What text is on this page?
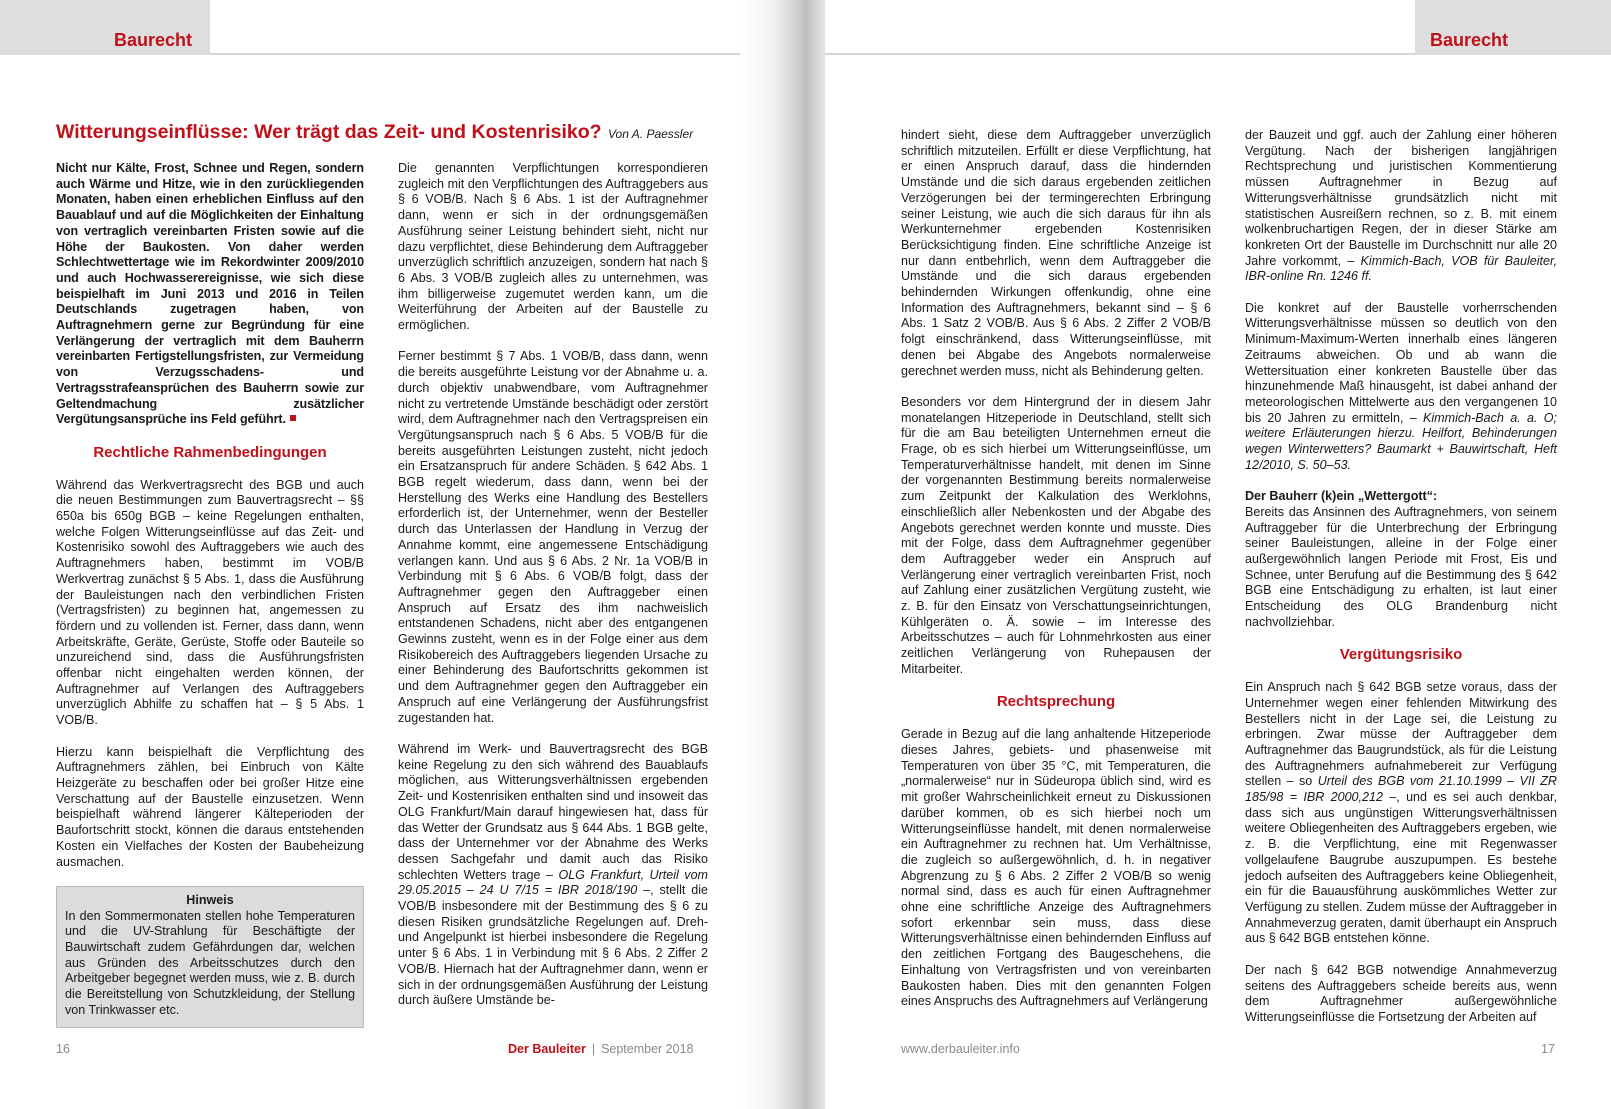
Baurecht
Witterungseinflüsse: Wer trägt das Zeit- und Kostenrisiko? Von A. Paessler

Nicht nur Kälte, Frost, Schnee und Regen, sondern auch Wärme und Hitze, wie in den zurückliegenden Monaten, haben einen erheblichen Einfluss auf den Bauablauf und auf die Möglichkeiten der Einhaltung von vertraglich vereinbarten Fristen sowie auf die Höhe der Baukosten. Von daher werden Schlechtwettertage wie im Rekordwinter 2009/2010 und auch Hochwasserereignisse, wie sich diese beispielhaft im Juni 2013 und 2016 in Teilen Deutschlands zugetragen haben, von Auftragnehmern gerne zur Begründung für eine Verlängerung der vertraglich mit dem Bauherrn vereinbarten Fertigstellungsfristen, zur Vermeidung von Verzugsschadens- und Vertragsstrafeansprüchen des Bauherrn sowie zur Geltendmachung zusätzlicher Vergütungsansprüche ins Feld geführt.

Rechtliche Rahmenbedingungen

Während das Werkvertragsrecht des BGB und auch die neuen Bestimmungen zum Bauvertragsrecht – §§ 650a bis 650g BGB – keine Regelungen enthalten, welche Folgen Witterungseinflüsse auf das Zeit- und Kostenrisiko sowohl des Auftraggebers wie auch des Auftragnehmers haben, bestimmt im VOB/B Werkvertrag zunächst § 5 Abs. 1, dass die Ausführung der Bauleistungen nach den verbindlichen Fristen (Vertragsfristen) zu beginnen hat, angemessen zu fördern und zu vollenden ist. Ferner, dass dann, wenn Arbeitskräfte, Geräte, Gerüste, Stoffe oder Bauteile so unzureichend sind, dass die Ausführungsfristen offenbar nicht eingehalten werden können, der Auftragnehmer auf Verlangen des Auftraggebers unverzüglich Abhilfe zu schaffen hat – § 5 Abs. 1 VOB/B.

Hierzu kann beispielhaft die Verpflichtung des Auftragnehmers zählen, bei Einbruch von Kälte Heizgeräte zu beschaffen oder bei großer Hitze eine Verschattung auf der Baustelle einzusetzen. Wenn beispielhaft während längerer Kälteperioden der Baufortschritt stockt, können die daraus entstehenden Kosten ein Vielfaches der Kosten der Baubeheizung ausmachen.

Hinweis
In den Sommermonaten stellen hohe Temperaturen und die UV-Strahlung für Beschäftigte der Bauwirtschaft zudem Gefährdungen dar, welchen aus Gründen des Arbeitsschutzes durch den Arbeitgeber begegnet werden muss, wie z. B. durch die Bereitstellung von Schutzkleidung, der Stellung von Trinkwasser etc.

Die genannten Verpflichtungen korrespondieren zugleich mit den Verpflichtungen des Auftraggebers aus § 6 VOB/B. Nach § 6 Abs. 1 ist der Auftragnehmer dann, wenn er sich in der ordnungsgemäßen Ausführung seiner Leistung behindert sieht, nicht nur dazu verpflichtet, diese Behinderung dem Auftraggeber unverzüglich schriftlich anzuzeigen, sondern hat nach § 6 Abs. 3 VOB/B zugleich alles zu unternehmen, was ihm billigerweise zugemutet werden kann, um die Weiterführung der Arbeiten auf der Baustelle zu ermöglichen.

Ferner bestimmt § 7 Abs. 1 VOB/B, dass dann, wenn die bereits ausgeführte Leistung vor der Abnahme u. a. durch objektiv unabwendbare, vom Auftragnehmer nicht zu vertretende Umstände beschädigt oder zerstört wird, dem Auftragnehmer nach den Vertragspreisen ein Vergütungsanspruch nach § 6 Abs. 5 VOB/B für die bereits ausgeführten Leistungen zusteht, nicht jedoch ein Ersatzanspruch für andere Schäden. § 642 Abs. 1 BGB regelt wiederum, dass dann, wenn bei der Herstellung des Werks eine Handlung des Bestellers erforderlich ist, der Unternehmer, wenn der Besteller durch das Unterlassen der Handlung in Verzug der Annahme kommt, eine angemessene Entschädigung verlangen kann. Und aus § 6 Abs. 2 Nr. 1a VOB/B in Verbindung mit § 6 Abs. 6 VOB/B folgt, dass der Auftragnehmer gegen den Auftraggeber einen Anspruch auf Ersatz des ihm nachweislich entstandenen Schadens, nicht aber des entgangenen Gewinns zusteht, wenn es in der Folge einer aus dem Risikobereich des Auftraggebers liegenden Ursache zu einer Behinderung des Baufortschritts gekommen ist und dem Auftragnehmer gegen den Auftraggeber ein Anspruch auf eine Verlängerung der Ausführungsfrist zugestanden hat.

Während im Werk- und Bauvertragsrecht des BGB keine Regelung zu den sich während des Bauablaufs möglichen, aus Witterungsverhältnissen ergebenden Zeit- und Kostenrisiken enthalten sind und insoweit das OLG Frankfurt/Main darauf hingewiesen hat, dass für das Wetter der Grundsatz aus § 644 Abs. 1 BGB gelte, dass der Unternehmer vor der Abnahme des Werks dessen Sachgefahr und damit auch das Risiko schlechten Wetters trage – OLG Frankfurt, Urteil vom 29.05.2015 – 24 U 7/15 = IBR 2018/190 –, stellt die VOB/B insbesondere mit der Bestimmung des § 6 zu diesen Risiken grundsätzliche Regelungen auf. Dreh- und Angelpunkt ist hierbei insbesondere die Regelung unter § 6 Abs. 1 in Verbindung mit § 6 Abs. 2 Ziffer 2 VOB/B. Hiernach hat der Auftragnehmer dann, wenn er sich in der ordnungsgemäßen Ausführung der Leistung durch äußere Umstände be-

16	Der Bauleiter | September 2018
Baurecht

hindert sieht, diese dem Auftraggeber unverzüglich schriftlich mitzuteilen. Erfüllt er diese Verpflichtung, hat er einen Anspruch darauf, dass die hindernden Umstände und die sich daraus ergebenden zeitlichen Verzögerungen bei der termingerechten Erbringung seiner Leistung, wie auch die sich daraus für ihn als Werkunternehmer ergebenden Kostenrisiken Berücksichtigung finden. Eine schriftliche Anzeige ist nur dann entbehrlich, wenn dem Auftraggeber die Umstände und die sich daraus ergebenden behindernden Wirkungen offenkundig, ohne eine Information des Auftragnehmers, bekannt sind – § 6 Abs. 1 Satz 2 VOB/B. Aus § 6 Abs. 2 Ziffer 2 VOB/B folgt einschränkend, dass Witterungseinflüsse, mit denen bei Abgabe des Angebots normalerweise gerechnet werden muss, nicht als Behinderung gelten.

Besonders vor dem Hintergrund der in diesem Jahr monatelangen Hitzeperiode in Deutschland, stellt sich für die am Bau beteiligten Unternehmen erneut die Frage, ob es sich hierbei um Witterungseinflüsse, um Temperaturverhältnisse handelt, mit denen im Sinne der vorgenannten Bestimmung bereits normalerweise zum Zeitpunkt der Kalkulation des Werklohns, einschließlich aller Nebenkosten und der Abgabe des Angebots gerechnet werden konnte und musste. Dies mit der Folge, dass dem Auftragnehmer gegenüber dem Auftraggeber weder ein Anspruch auf Verlängerung einer vertraglich vereinbarten Frist, noch auf Zahlung einer zusätzlichen Vergütung zusteht, wie z. B. für den Einsatz von Verschattungseinrichtungen, Kühlgeräten o. Ä. sowie – im Interesse des Arbeitsschutzes – auch für Lohnmehrkosten aus einer zeitlichen Verlängerung von Ruhepausen der Mitarbeiter.

Rechtsprechung

Gerade in Bezug auf die lang anhaltende Hitzeperiode dieses Jahres, gebiets- und phasenweise mit Temperaturen von über 35 °C, mit Temperaturen, die „normalerweise“ nur in Südeuropa üblich sind, wird es mit großer Wahrscheinlichkeit erneut zu Diskussionen darüber kommen, ob es sich hierbei noch um Witterungseinflüsse handelt, mit denen normalerweise ein Auftragnehmer zu rechnen hat. Um Verhältnisse, die zugleich so außergewöhnlich, d. h. in negativer Abgrenzung zu § 6 Abs. 2 Ziffer 2 VOB/B so wenig normal sind, dass es auch für einen Auftragnehmer ohne eine schriftliche Anzeige des Auftragnehmers sofort erkennbar sein muss, dass diese Witterungsverhältnisse einen behindernden Einfluss auf den zeitlichen Fortgang des Baugeschehens, die Einhaltung von Vertragsfristen und von vereinbarten Baukosten haben. Dies mit den genannten Folgen eines Anspruchs des Auftragnehmers auf Verlängerung

der Bauzeit und ggf. auch der Zahlung einer höheren Vergütung. Nach der bisherigen langjährigen Rechtsprechung und juristischen Kommentierung müssen Auftragnehmer in Bezug auf Witterungsverhältnisse grundsätzlich nicht mit statistischen Ausreißern rechnen, so z. B. mit einem wolkenbruchartigen Regen, der in dieser Stärke am konkreten Ort der Baustelle im Durchschnitt nur alle 20 Jahre vorkommt, – Kimmich-Bach, VOB für Bauleiter, IBR-online Rn. 1246 ff.

Die konkret auf der Baustelle vorherrschenden Witterungsverhältnisse müssen so deutlich von den Minimum-Maximum-Werten innerhalb eines längeren Zeitraums abweichen. Ob und ab wann die Wettersituation einer konkreten Baustelle über das hinzunehmende Maß hinausgeht, ist dabei anhand der meteorologischen Mittelwerte aus den vergangenen 10 bis 20 Jahren zu ermitteln, – Kimmich-Bach a. a. O; weitere Erläuterungen hierzu. Heilfort, Behinderungen wegen Winterwetters? Baumarkt + Bauwirtschaft, Heft 12/2010, S. 50–53.

Der Bauherr (k)ein „Wettergott“:

Bereits das Ansinnen des Auftragnehmers, von seinem Auftraggeber für die Unterbrechung der Erbringung seiner Bauleistungen, alleine in der Folge einer außergewöhnlich langen Periode mit Frost, Eis und Schnee, unter Berufung auf die Bestimmung des § 642 BGB eine Entschädigung zu erhalten, ist laut einer Entscheidung des OLG Brandenburg nicht nachvollziehbar.

Vergütungsrisiko

Ein Anspruch nach § 642 BGB setze voraus, dass der Unternehmer wegen einer fehlenden Mitwirkung des Bestellers nicht in der Lage sei, die Leistung zu erbringen. Zwar müsse der Auftraggeber dem Auftragnehmer das Baugrundstück, als für die Leistung des Auftragnehmers aufnahmebereit zur Verfügung stellen – so Urteil des BGB vom 21.10.1999 – VII ZR 185/98 = IBR 2000,212 –, und es sei auch denkbar, dass sich aus ungünstigen Witterungsverhältnissen weitere Obliegenheiten des Auftraggebers ergeben, wie z. B. die Verpflichtung, eine mit Regenwasser vollgelaufene Baugrube auszupumpen. Es bestehe jedoch aufseiten des Auftraggebers keine Obliegenheit, ein für die Bauausführung auskömmliches Wetter zur Verfügung zu stellen. Zudem müsse der Auftraggeber in Annahmeverzug geraten, damit überhaupt ein Anspruch aus § 642 BGB entstehen könne.

Der nach § 642 BGB notwendige Annahmeverzug seitens des Auftraggebers scheide bereits aus, wenn dem Auftragnehmer außergewöhnliche Witterungseinflüsse die Fortsetzung der Arbeiten auf

www.derbauleiter.info	17
